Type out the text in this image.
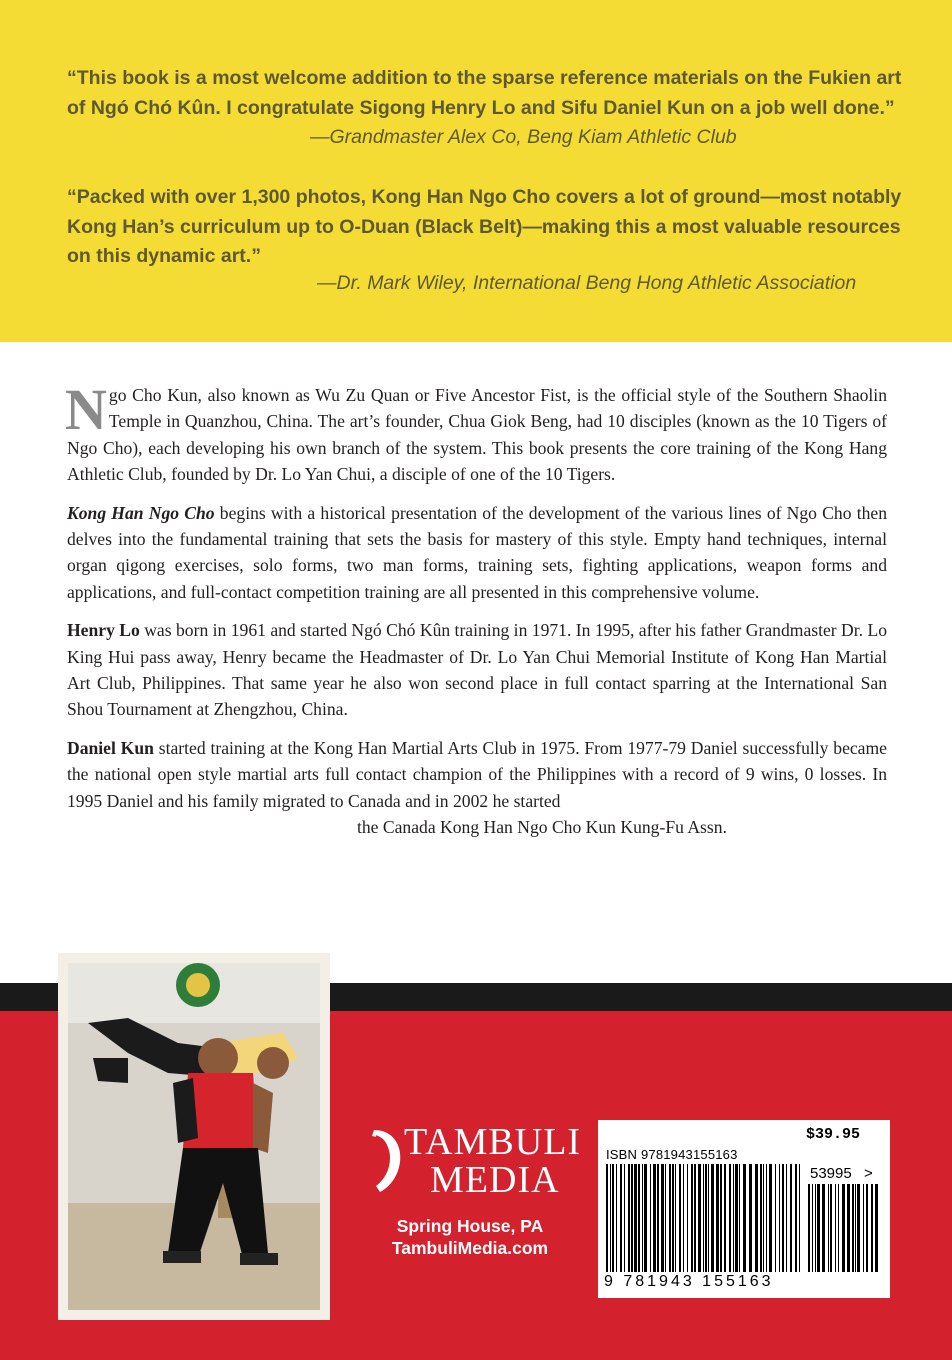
“This book is a most welcome addition to the sparse reference materials on the Fukien art of Ngó Chó Kûn. I congratulate Sigong Henry Lo and Sifu Daniel Kun on a job well done.”

—Grandmaster Alex Co, Beng Kiam Athletic Club

“Packed with over 1,300 photos, Kong Han Ngo Cho covers a lot of ground—most notably Kong Han’s curriculum up to O-Duan (Black Belt)—making this a most valuable resources on this dynamic art.”

—Dr. Mark Wiley, International Beng Hong Athletic Association

Ngo Cho Kun, also known as Wu Zu Quan or Five Ancestor Fist, is the official style of the Southern Shaolin Temple in Quanzhou, China. The art’s founder, Chua Giok Beng, had 10 disciples (known as the 10 Tigers of Ngo Cho), each developing his own branch of the system. This book presents the core training of the Kong Hang Athletic Club, founded by Dr. Lo Yan Chui, a disciple of one of the 10 Tigers.

Kong Han Ngo Cho begins with a historical presentation of the development of the various lines of Ngo Cho then delves into the fundamental training that sets the basis for mastery of this style. Empty hand techniques, internal organ qigong exercises, solo forms, two man forms, training sets, fighting applications, weapon forms and applications, and full-contact competition training are all presented in this comprehensive volume.

Henry Lo was born in 1961 and started Ngó Chó Kûn training in 1971. In 1995, after his father Grandmaster Dr. Lo King Hui pass away, Henry became the Headmaster of Dr. Lo Yan Chui Memorial Institute of Kong Han Martial Art Club, Philippines. That same year he also won second place in full contact sparring at the International San Shou Tournament at Zhengzhou, China.

Daniel Kun started training at the Kong Han Martial Arts Club in 1975. From 1977-79 Daniel successfully became the national open style martial arts full contact champion of the Philippines with a record of 9 wins, 0 losses. In 1995 Daniel and his family migrated to Canada and in 2002 he started
the Canada Kong Han Ngo Cho Kun Kung-Fu Assn.

TAMBULI
MEDIA
Spring House, PA
TambuliMedia.com
$39.95
ISBN 9781943155163
53995 >
9 781943 155163
